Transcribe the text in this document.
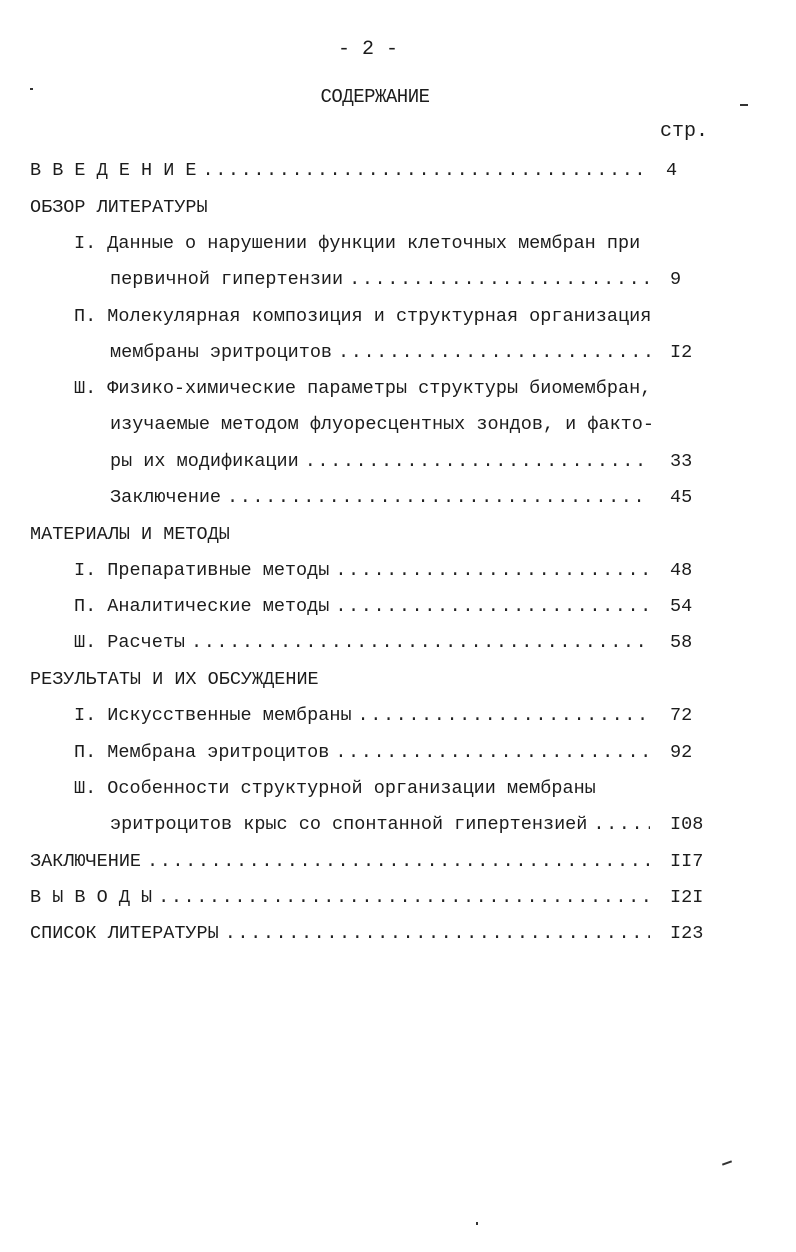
- 2 -
СОДЕРЖАНИЕ
стр.
В В Е Д Е Н И Е .....	4
ОБЗОР ЛИТЕРАТУРЫ
I. Данные о нарушении функции клеточных мембран при
первичной гипертензии .....	9
П. Молекулярная композиция и структурная организация
мембраны эритроцитов .....	I2
Ш. Физико-химические параметры структуры биомембран,
изучаемые методом флуоресцентных зондов, и факто-
ры их модификации .....	33
Заключение .....	45
МАТЕРИАЛЫ И МЕТОДЫ
I. Препаративные методы .....	48
П. Аналитические методы .....	54
Ш. Расчеты .....	58
РЕЗУЛЬТАТЫ И ИХ ОБСУЖДЕНИЕ
I. Искусственные мембраны .....	72
П. Мембрана эритроцитов .....	92
Ш. Особенности структурной организации мембраны
эритроцитов крыс со спонтанной гипертензией .....	I08
ЗАКЛЮЧЕНИЕ .....	II7
В Ы В О Д Ы .....	I2I
СПИСОК ЛИТЕРАТУРЫ .....	I23
